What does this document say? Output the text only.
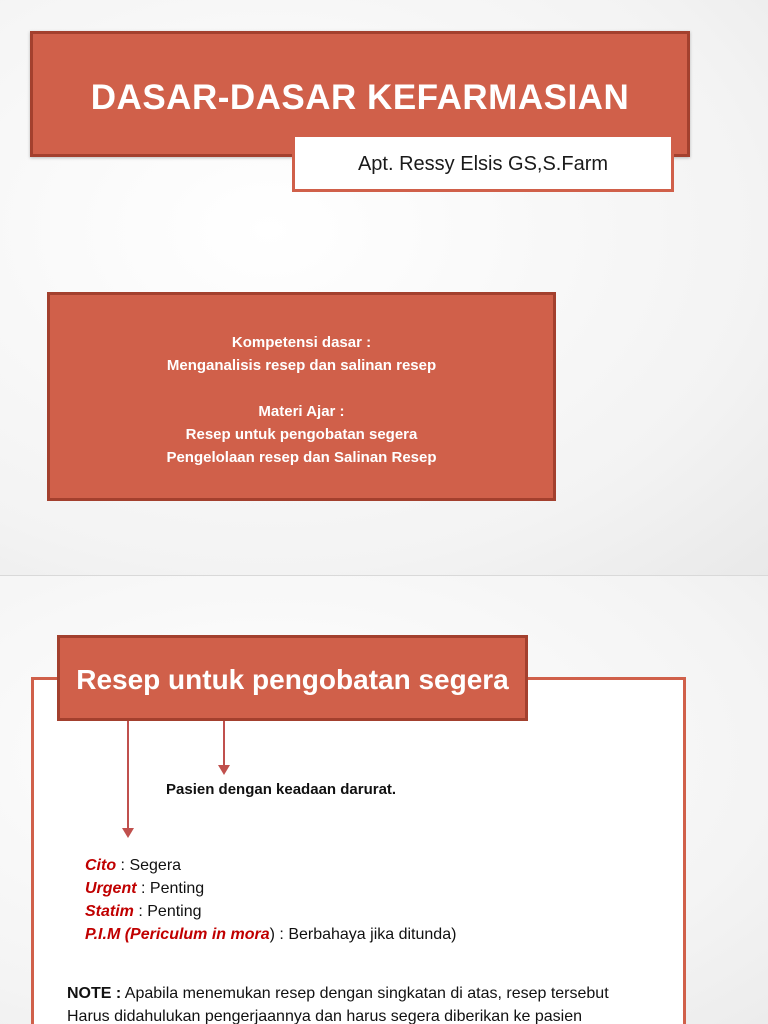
DASAR-DASAR KEFARMASIAN
Apt. Ressy Elsis GS,S.Farm
Kompetensi dasar :
Menganalisis resep dan salinan resep
Materi Ajar :
Resep untuk pengobatan segera
Pengelolaan resep dan Salinan Resep
Resep untuk pengobatan segera
Pasien dengan keadaan darurat.
Cito : Segera
Urgent : Penting
Statim : Penting
P.I.M (Periculum in mora) : Berbahaya jika ditunda)
NOTE : Apabila menemukan resep dengan singkatan di atas, resep tersebut
Harus didahulukan pengerjaannya dan harus segera diberikan ke pasien
